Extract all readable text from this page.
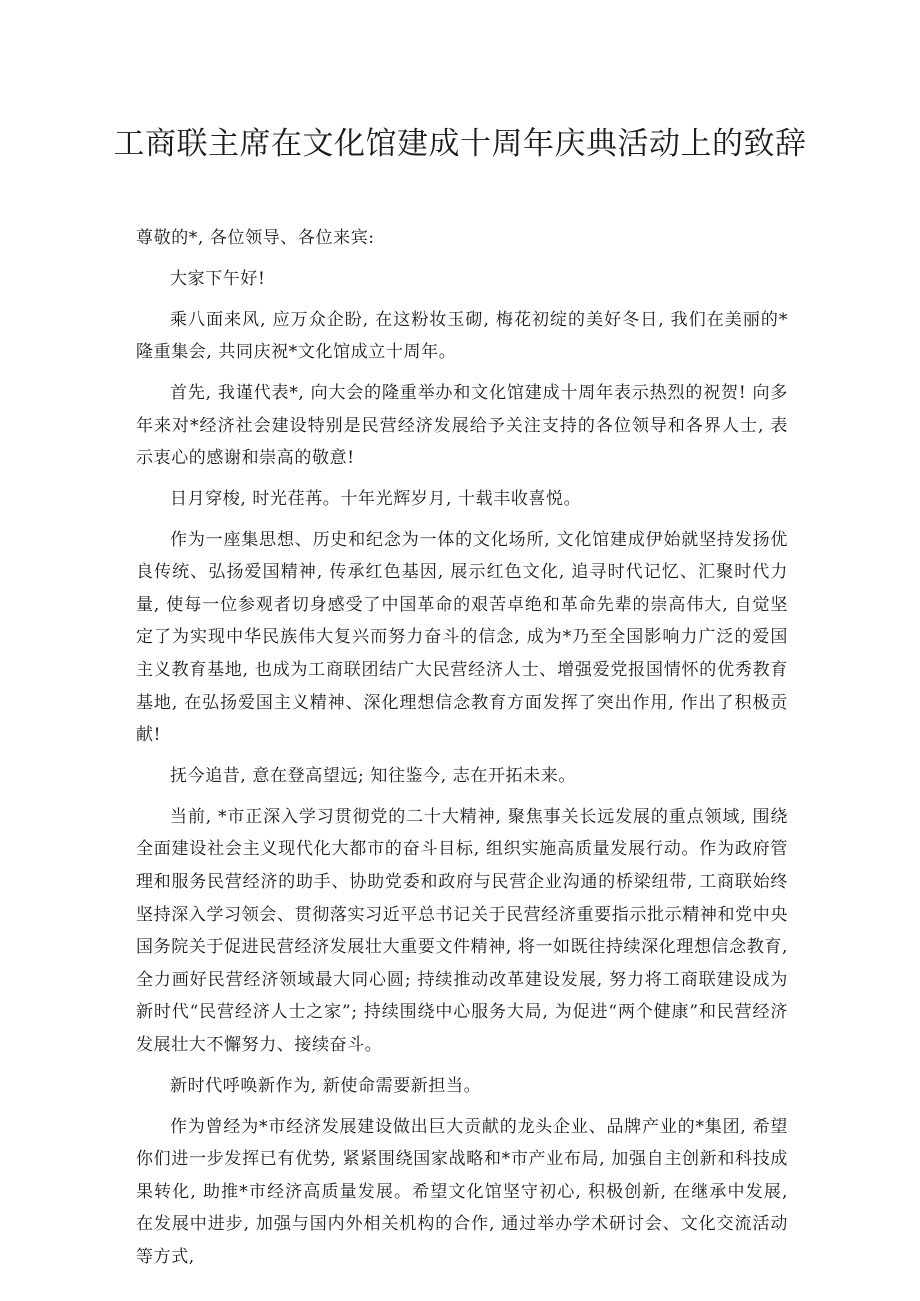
工商联主席在文化馆建成十周年庆典活动上的致辞

尊敬的*, 各位领导、各位来宾:

大家下午好!

乘八面来风, 应万众企盼, 在这粉妆玉砌, 梅花初绽的美好冬日, 我们在美丽的*隆重集会, 共同庆祝*文化馆成立十周年。

首先, 我谨代表*, 向大会的隆重举办和文化馆建成十周年表示热烈的祝贺! 向多年来对*经济社会建设特别是民营经济发展给予关注支持的各位领导和各界人士, 表示衷心的感谢和崇高的敬意!

日月穿梭, 时光荏苒。十年光辉岁月, 十载丰收喜悦。

作为一座集思想、历史和纪念为一体的文化场所, 文化馆建成伊始就坚持发扬优良传统、弘扬爱国精神, 传承红色基因, 展示红色文化, 追寻时代记忆、汇聚时代力量, 使每一位参观者切身感受了中国革命的艰苦卓绝和革命先辈的崇高伟大, 自觉坚定了为实现中华民族伟大复兴而努力奋斗的信念, 成为*乃至全国影响力广泛的爱国主义教育基地, 也成为工商联团结广大民营经济人士、增强爱党报国情怀的优秀教育基地, 在弘扬爱国主义精神、深化理想信念教育方面发挥了突出作用, 作出了积极贡献!

抚今追昔, 意在登高望远; 知往鉴今, 志在开拓未来。

当前, *市正深入学习贯彻党的二十大精神, 聚焦事关长远发展的重点领域, 围绕全面建设社会主义现代化大都市的奋斗目标, 组织实施高质量发展行动。作为政府管理和服务民营经济的助手、协助党委和政府与民营企业沟通的桥梁纽带, 工商联始终坚持深入学习领会、贯彻落实习近平总书记关于民营经济重要指示批示精神和党中央国务院关于促进民营经济发展壮大重要文件精神, 将一如既往持续深化理想信念教育, 全力画好民营经济领域最大同心圆; 持续推动改革建设发展, 努力将工商联建设成为新时代“民营经济人士之家”; 持续围绕中心服务大局, 为促进“两个健康”和民营经济发展壮大不懈努力、接续奋斗。

新时代呼唤新作为, 新使命需要新担当。

作为曾经为*市经济发展建设做出巨大贡献的龙头企业、品牌产业的*集团, 希望你们进一步发挥已有优势, 紧紧围绕国家战略和*市产业布局, 加强自主创新和科技成果转化, 助推*市经济高质量发展。希望文化馆坚守初心, 积极创新, 在继承中发展, 在发展中进步, 加强与国内外相关机构的合作, 通过举办学术研讨会、文化交流活动等方式,
